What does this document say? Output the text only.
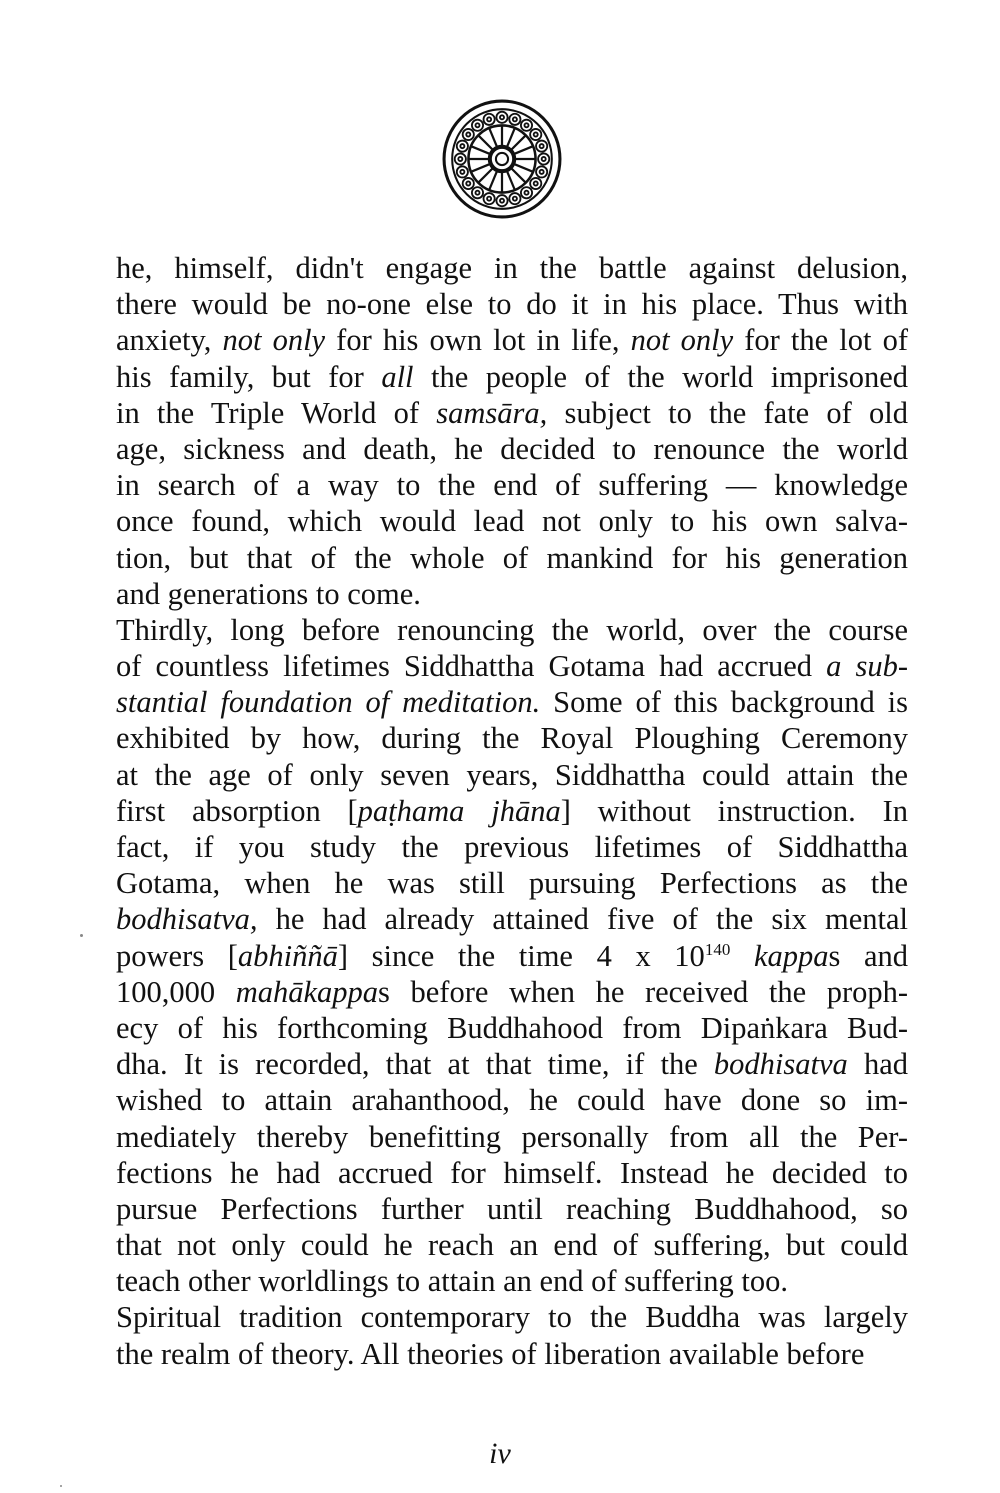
he, himself, didn't engage in the battle against delusion,
there would be no-one else to do it in his place. Thus with
anxiety, not only for his own lot in life, not only for the lot of
his family, but for all the people of the world imprisoned
in the Triple World of samsāra, subject to the fate of old
age, sickness and death, he decided to renounce the world
in search of a way to the end of suffering — knowledge
once found, which would lead not only to his own salva-
tion, but that of the whole of mankind for his generation
and generations to come.
Thirdly, long before renouncing the world, over the course
of countless lifetimes Siddhattha Gotama had accrued a sub-
stantial foundation of meditation. Some of this background is
exhibited by how, during the Royal Ploughing Ceremony
at the age of only seven years, Siddhattha could attain the
first absorption [paṭhama jhāna] without instruction. In
fact, if you study the previous lifetimes of Siddhattha
Gotama, when he was still pursuing Perfections as the
bodhisatva, he had already attained five of the six mental
powers [abhiññā] since the time 4 x $10^{140}$ kappas and
100,000 mahākappas before when he received the proph-
ecy of his forthcoming Buddhahood from Dipaṅkara Bud-
dha. It is recorded, that at that time, if the bodhisatva had
wished to attain arahanthood, he could have done so im-
mediately thereby benefitting personally from all the Per-
fections he had accrued for himself. Instead he decided to
pursue Perfections further until reaching Buddhahood, so
that not only could he reach an end of suffering, but could
teach other worldlings to attain an end of suffering too.
Spiritual tradition contemporary to the Buddha was largely
the realm of theory. All theories of liberation available before
iv
